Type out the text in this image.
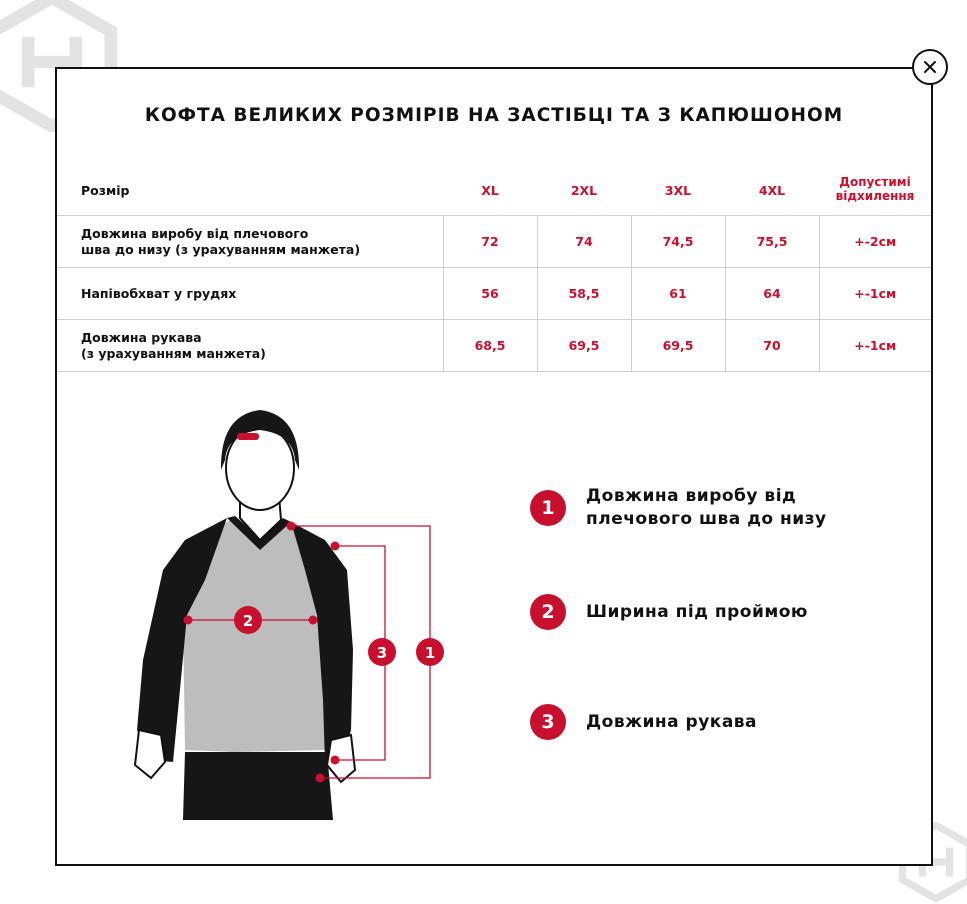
КОФТА ВЕЛИКИХ РОЗМІРІВ НА ЗАСТІБЦІ ТА З КАПЮШОНОМ
Розмір	XL	2XL	3XL	4XL	Допустимі
відхилення

Довжина виробу від плечового
шва до низу (з урахуванням манжета)	72	74	74,5	75,5	+-2см

Напівобхват у грудях	56	58,5	61	64	+-1см

Довжина рукава
(з урахуванням манжета)	68,5	69,5	69,5	70	+-1см
2
3	1
1
Довжина виробу від
плечового шва до низу
2	Ширина під проймою
3	Довжина рукава
